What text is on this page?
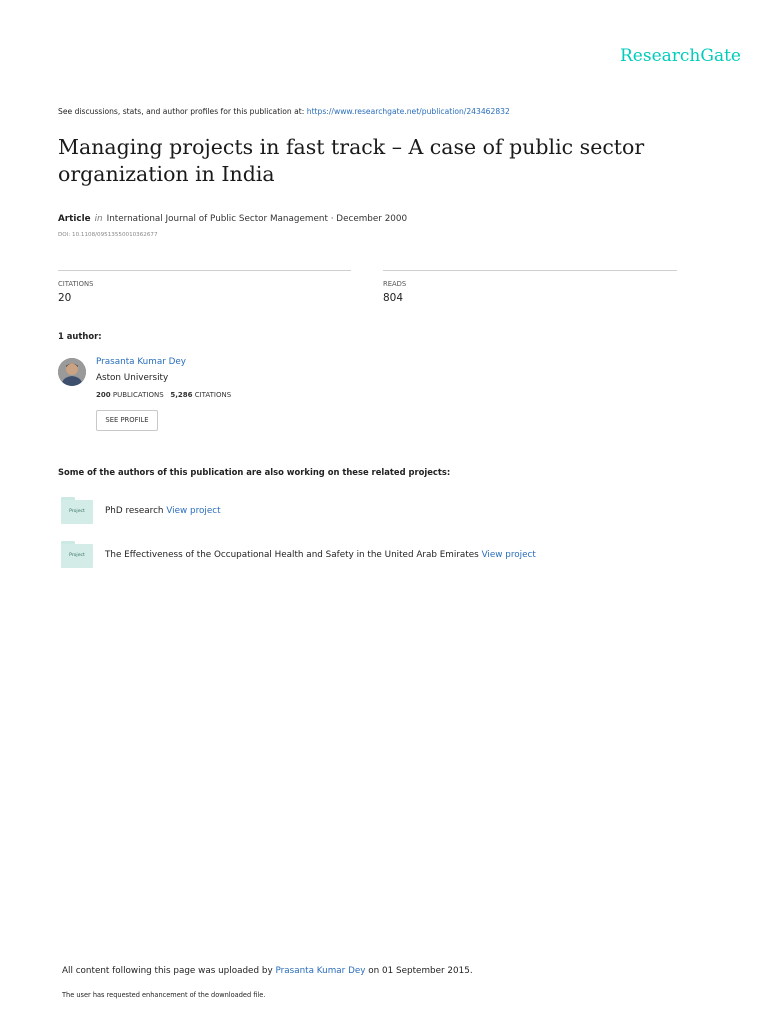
ResearchGate
See discussions, stats, and author profiles for this publication at: https://www.researchgate.net/publication/243462832
Managing projects in fast track – A case of public sector organization in India
Article in International Journal of Public Sector Management · December 2000
DOI: 10.1108/09513550010362677
CITATIONS
20
READS
804
1 author:
Prasanta Kumar Dey
Aston University
200 PUBLICATIONS 5,286 CITATIONS
SEE PROFILE
Some of the authors of this publication are also working on these related projects:
Project	PhD research View project
Project	The Effectiveness of the Occupational Health and Safety in the United Arab Emirates View project
All content following this page was uploaded by Prasanta Kumar Dey on 01 September 2015.
The user has requested enhancement of the downloaded file.
